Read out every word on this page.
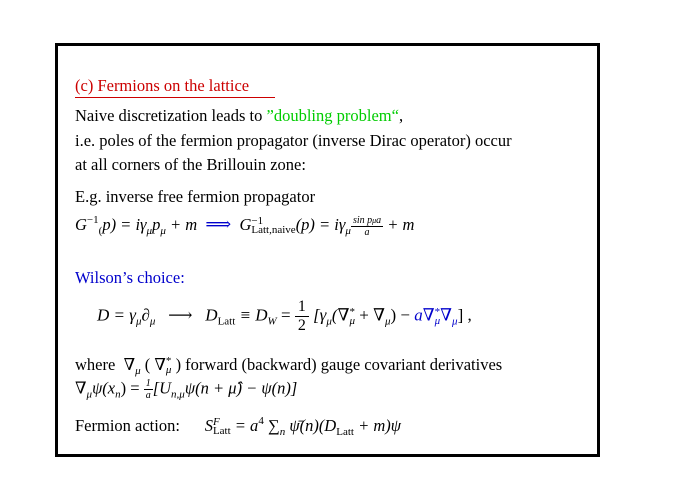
(c) Fermions on the lattice
Naive discretization leads to ”doubling problem“,
i.e. poles of the fermion propagator (inverse Dirac operator) occur
at all corners of the Brillouin zone:
E.g. inverse free fermion propagator
$G^{-1}_(p) = i\gamma_\mu p_\mu + m$ ⟹ G −1
Latt,naive $(p) = i\gamma_\mu \frac{\text{sin pμa}}{a} + m$
Wilson’s choice:
$D = \gamma_\mu\partial_\mu$ ⟶ $D_{Latt} \equiv D_W = \frac{1}{2} [\gamma_\mu(\nabla$ *
$\mu + \nabla_\mu) - a\nabla$ *
μ $\nabla_\mu$] ,
where $\nabla_\mu$ ( ∇ *
μ ) forward (backward) gauge covariant derivatives
$\nabla_\mu\psi(x_n) = \frac{1}{a} [U_{n,\mu}\psi(n$ + μ̂) − ψ(n)]
Fermion action: S F
Latt = $a^4$ $\sum_n$ $\psī(n)(D_{Latt} + m)\psi$
